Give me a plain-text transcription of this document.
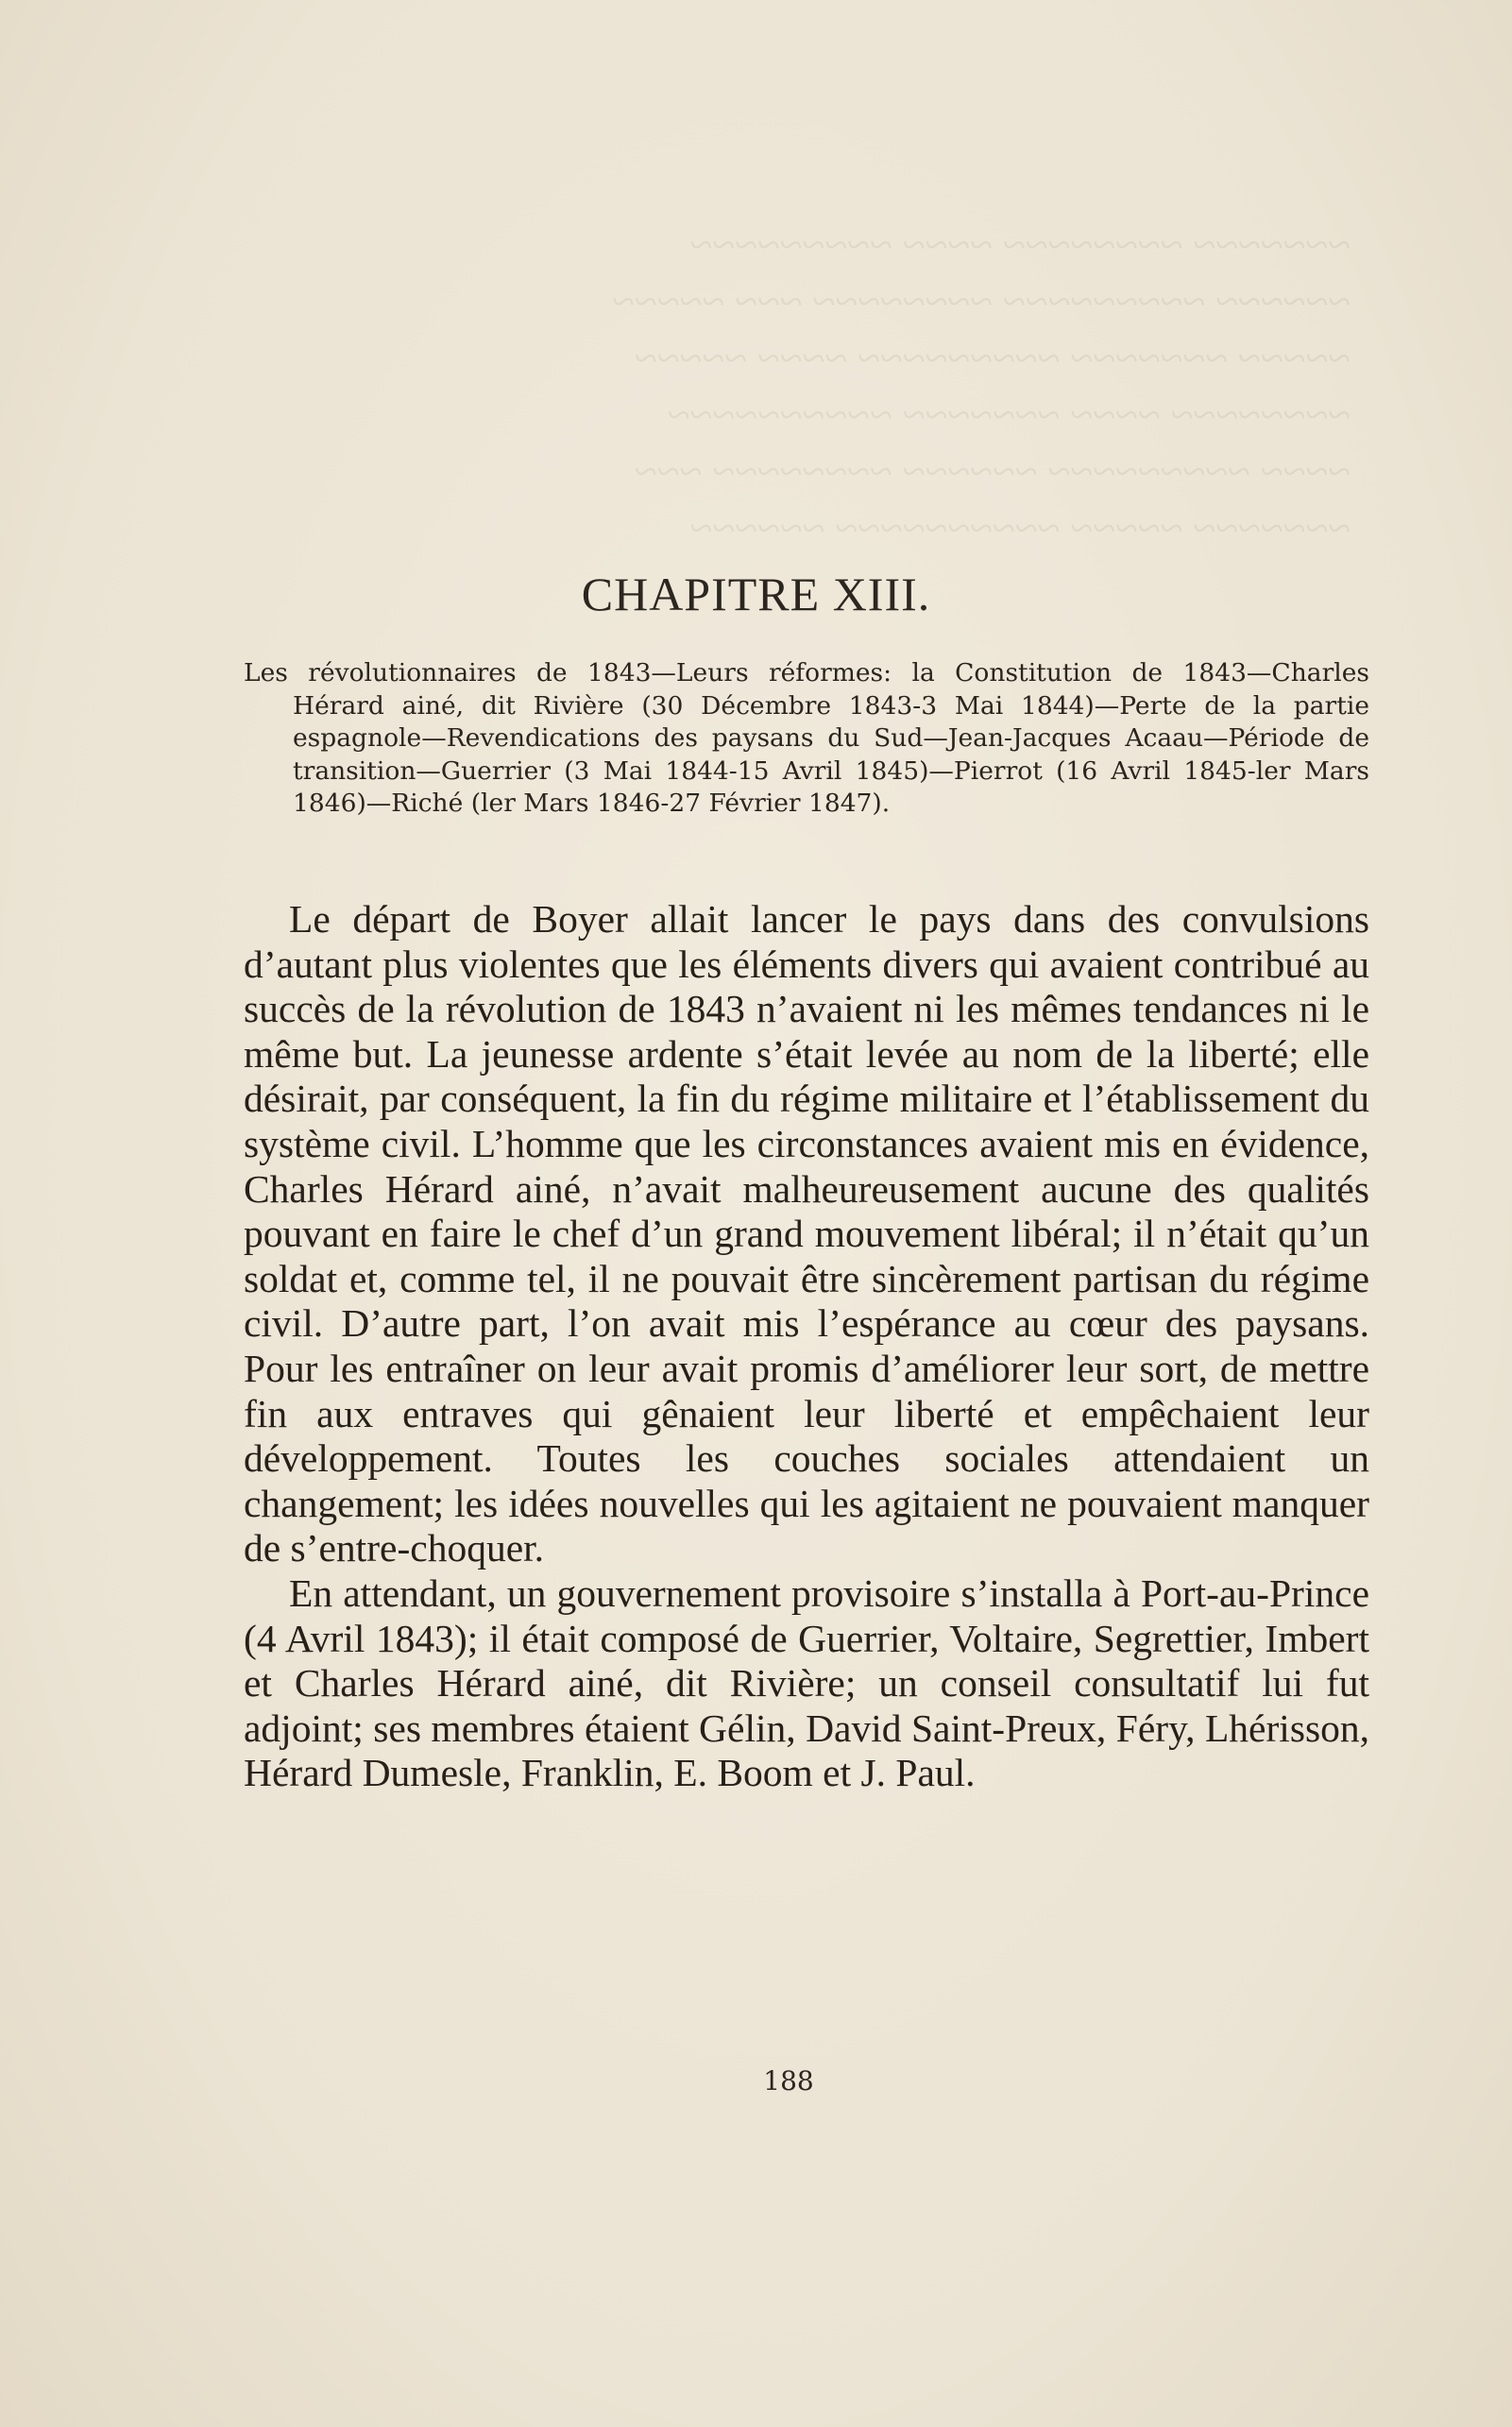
~~~~~~~ ~~~~~~~~ ~~~~ ~~~~~~~~~
~~~~~~ ~~~~~~~~~ ~~~~~~~~ ~~~ ~~~~~
~~~~~ ~~~~~~~ ~~~~~~~~~ ~~~~ ~~~~~
~~~~~~~~ ~~~~ ~~~~~~~ ~~~~~~~~~~
~~~~ ~~~~~~~~~ ~~~~~~ ~~~~~~~~ ~~~
~~~~~~~ ~~~~~ ~~~~~~~~~~ ~~~~~~
CHAPITRE XIII.

Les révolutionnaires de 1843—Leurs réformes: la Constitution de 1843—Charles Hérard ainé, dit Rivière (30 Décembre 1843-3 Mai 1844)—Perte de la partie espagnole—Revendications des paysans du Sud—Jean-Jacques Acaau—Période de transition—Guerrier (3 Mai 1844-15 Avril 1845)—Pierrot (16 Avril 1845-ler Mars 1846)—Riché (ler Mars 1846-27 Février 1847).

Le départ de Boyer allait lancer le pays dans des convulsions d’autant plus violentes que les éléments divers qui avaient contribué au succès de la révolution de 1843 n’avaient ni les mêmes tendances ni le même but. La jeunesse ardente s’était levée au nom de la liberté; elle désirait, par conséquent, la fin du régime militaire et l’établissement du système civil. L’homme que les circonstances avaient mis en évidence, Charles Hérard ainé, n’avait malheureusement aucune des qualités pouvant en faire le chef d’un grand mouvement libéral; il n’était qu’un soldat et, comme tel, il ne pouvait être sincèrement partisan du régime civil. D’autre part, l’on avait mis l’espérance au cœur des paysans. Pour les entraîner on leur avait promis d’améliorer leur sort, de mettre fin aux entraves qui gênaient leur liberté et empêchaient leur développement. Toutes les couches sociales attendaient un changement; les idées nouvelles qui les agitaient ne pouvaient manquer de s’entre-choquer.

En attendant, un gouvernement provisoire s’installa à Port-au-Prince (4 Avril 1843); il était composé de Guerrier, Voltaire, Segrettier, Imbert et Charles Hérard ainé, dit Rivière; un conseil consultatif lui fut adjoint; ses membres étaient Gélin, David Saint-Preux, Féry, Lhérisson, Hérard Dumesle, Franklin, E. Boom et J. Paul.

188
